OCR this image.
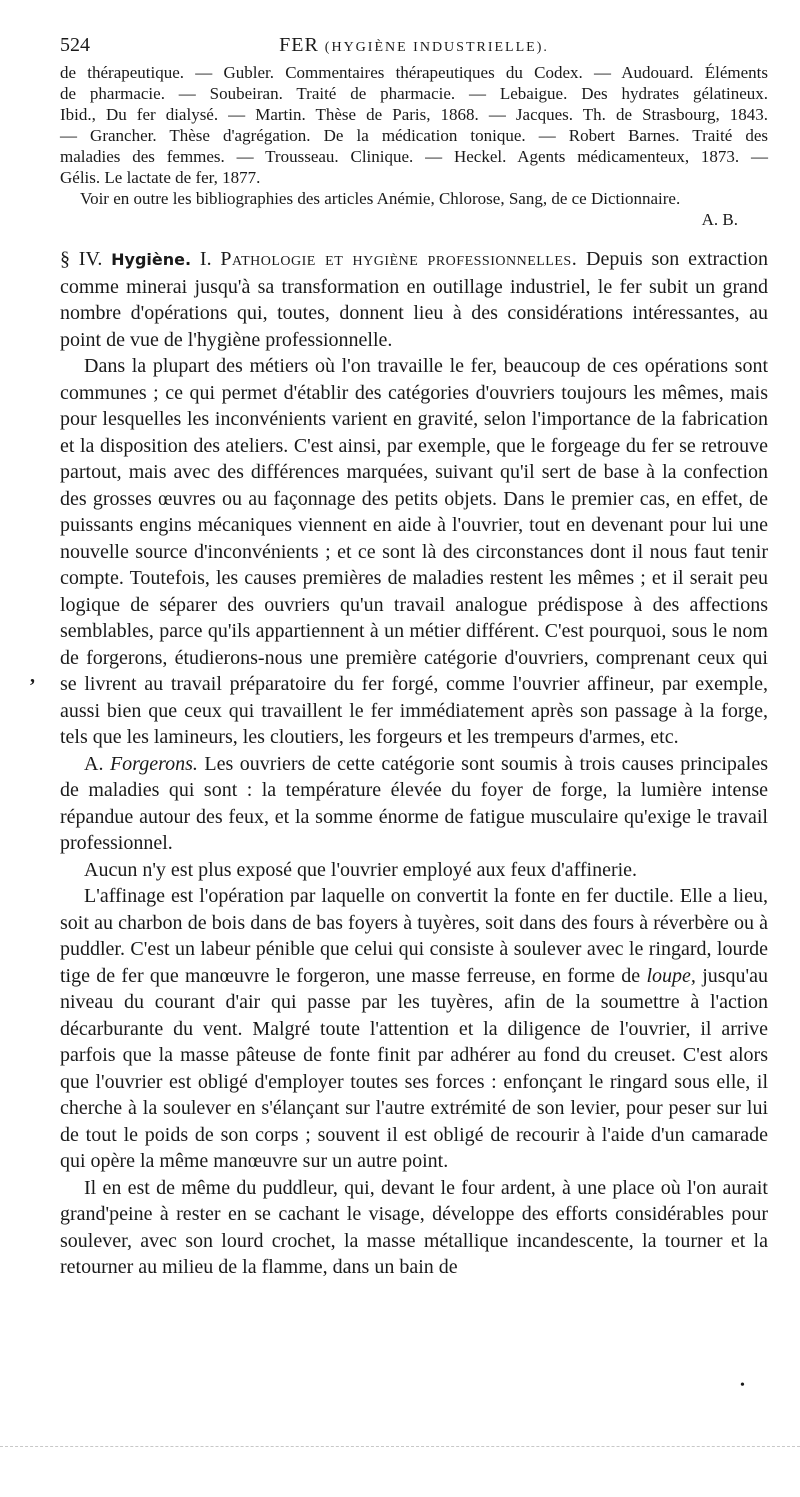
524	FER (HYGIÈNE INDUSTRIELLE).
de thérapeutique. — Gubler. Commentaires thérapeutiques du Codex. — Audouard. Éléments
de pharmacie. — Soubeiran. Traité de pharmacie. — Lebaigue. Des hydrates gélatineux.
Ibid., Du fer dialysé. — Martin. Thèse de Paris, 1868. — Jacques. Th. de Strasbourg, 1843.
— Grancher. Thèse d'agrégation. De la médication tonique. — Robert Barnes. Traité des
maladies des femmes. — Trousseau. Clinique. — Heckel. Agents médicamenteux, 1873. —
Gélis. Le lactate de fer, 1877.
Voir en outre les bibliographies des articles Anémie, Chlorose, Sang, de ce Dictionnaire.
A. B.

§ IV. Hygiène. I. Pathologie et hygiène professionnelles. Depuis son extraction comme minerai jusqu'à sa transformation en outillage industriel, le fer subit un grand nombre d'opérations qui, toutes, donnent lieu à des considérations intéressantes, au point de vue de l'hygiène professionnelle.

Dans la plupart des métiers où l'on travaille le fer, beaucoup de ces opérations sont communes ; ce qui permet d'établir des catégories d'ouvriers toujours les mêmes, mais pour lesquelles les inconvénients varient en gravité, selon l'importance de la fabrication et la disposition des ateliers. C'est ainsi, par exemple, que le forgeage du fer se retrouve partout, mais avec des différences marquées, suivant qu'il sert de base à la confection des grosses œuvres ou au façonnage des petits objets. Dans le premier cas, en effet, de puissants engins mécaniques viennent en aide à l'ouvrier, tout en devenant pour lui une nouvelle source d'inconvénients ; et ce sont là des circonstances dont il nous faut tenir compte. Toutefois, les causes premières de maladies restent les mêmes ; et il serait peu logique de séparer des ouvriers qu'un travail analogue prédispose à des affections semblables, parce qu'ils appartiennent à un métier différent. C'est pourquoi, sous le nom de forgerons, étudierons-nous une première catégorie d'ouvriers, comprenant ceux qui se livrent au travail préparatoire du fer forgé, comme l'ouvrier affineur, par exemple, aussi bien que ceux qui travaillent le fer immédiatement après son passage à la forge, tels que les lamineurs, les cloutiers, les forgeurs et les trempeurs d'armes, etc.

A. Forgerons. Les ouvriers de cette catégorie sont soumis à trois causes principales de maladies qui sont : la température élevée du foyer de forge, la lumière intense répandue autour des feux, et la somme énorme de fatigue musculaire qu'exige le travail professionnel.

Aucun n'y est plus exposé que l'ouvrier employé aux feux d'affinerie.

L'affinage est l'opération par laquelle on convertit la fonte en fer ductile. Elle a lieu, soit au charbon de bois dans de bas foyers à tuyères, soit dans des fours à réverbère ou à puddler. C'est un labeur pénible que celui qui consiste à soulever avec le ringard, lourde tige de fer que manœuvre le forgeron, une masse ferreuse, en forme de loupe, jusqu'au niveau du courant d'air qui passe par les tuyères, afin de la soumettre à l'action décarburante du vent. Malgré toute l'attention et la diligence de l'ouvrier, il arrive parfois que la masse pâteuse de fonte finit par adhérer au fond du creuset. C'est alors que l'ouvrier est obligé d'employer toutes ses forces : enfonçant le ringard sous elle, il cherche à la soulever en s'élançant sur l'autre extrémité de son levier, pour peser sur lui de tout le poids de son corps ; souvent il est obligé de recourir à l'aide d'un camarade qui opère la même manœuvre sur un autre point.

Il en est de même du puddleur, qui, devant le four ardent, à une place où l'on aurait grand'peine à rester en se cachant le visage, développe des efforts considérables pour soulever, avec son lourd crochet, la masse métallique incandescente, la tourner et la retourner au milieu de la flamme, dans un bain de

,
•
